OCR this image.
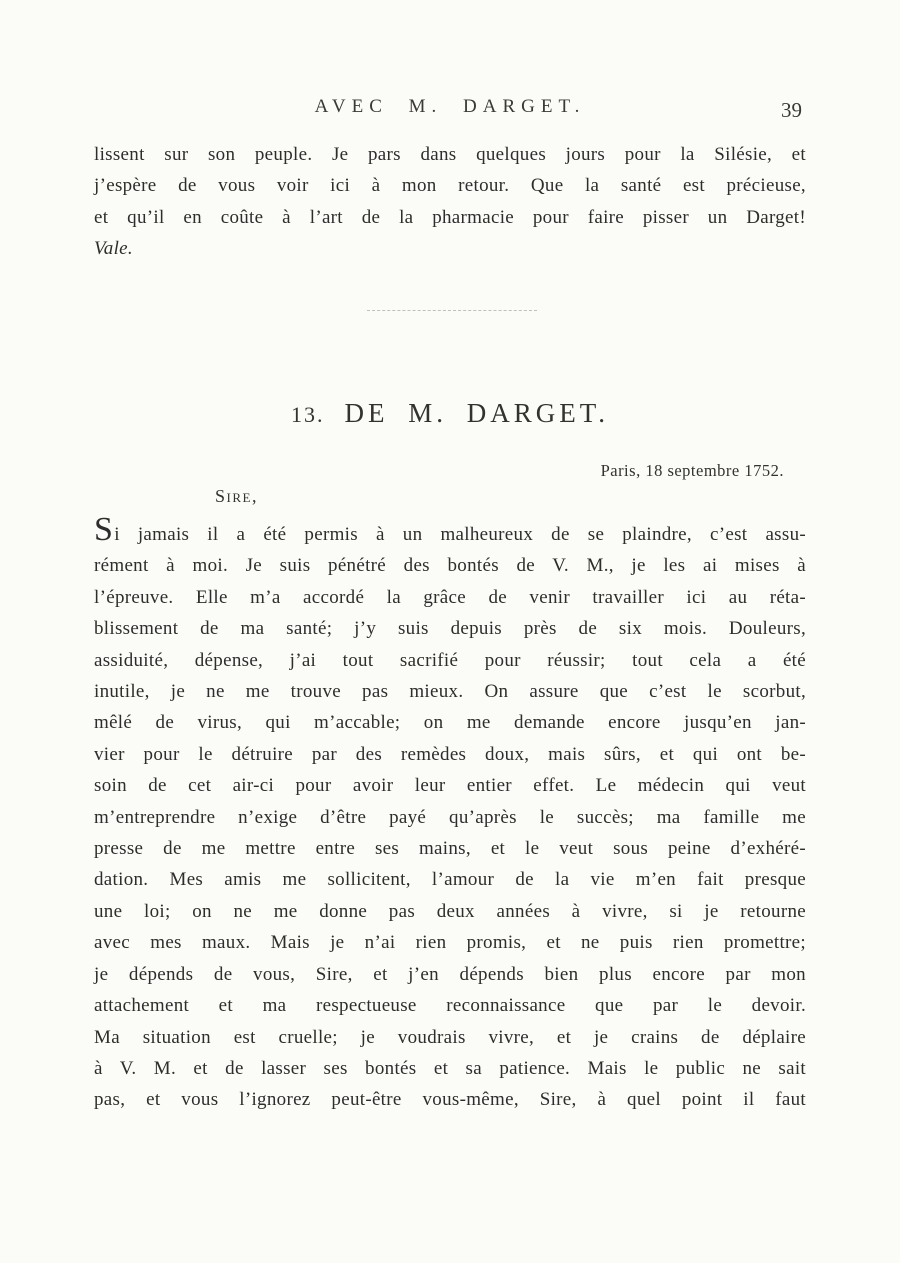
AVEC M. DARGET.	39
lissent sur son peuple. Je pars dans quelques jours pour la Silésie, et
j’espère de vous voir ici à mon retour. Que la santé est précieuse,
et qu’il en coûte à l’art de la pharmacie pour faire pisser un Darget!
Vale.
13. DE M. DARGET.
Paris, 18 septembre 1752.
Sire,
Si jamais il a été permis à un malheureux de se plaindre, c’est assu-
rément à moi. Je suis pénétré des bontés de V. M., je les ai mises à
l’épreuve. Elle m’a accordé la grâce de venir travailler ici au réta-
blissement de ma santé; j’y suis depuis près de six mois. Douleurs,
assiduité, dépense, j’ai tout sacrifié pour réussir; tout cela a été
inutile, je ne me trouve pas mieux. On assure que c’est le scorbut,
mêlé de virus, qui m’accable; on me demande encore jusqu’en jan-
vier pour le détruire par des remèdes doux, mais sûrs, et qui ont be-
soin de cet air-ci pour avoir leur entier effet. Le médecin qui veut
m’entreprendre n’exige d’être payé qu’après le succès; ma famille me
presse de me mettre entre ses mains, et le veut sous peine d’exhéré-
dation. Mes amis me sollicitent, l’amour de la vie m’en fait presque
une loi; on ne me donne pas deux années à vivre, si je retourne
avec mes maux. Mais je n’ai rien promis, et ne puis rien promettre;
je dépends de vous, Sire, et j’en dépends bien plus encore par mon
attachement et ma respectueuse reconnaissance que par le devoir.
Ma situation est cruelle; je voudrais vivre, et je crains de déplaire
à V. M. et de lasser ses bontés et sa patience. Mais le public ne sait
pas, et vous l’ignorez peut-être vous-même, Sire, à quel point il faut
